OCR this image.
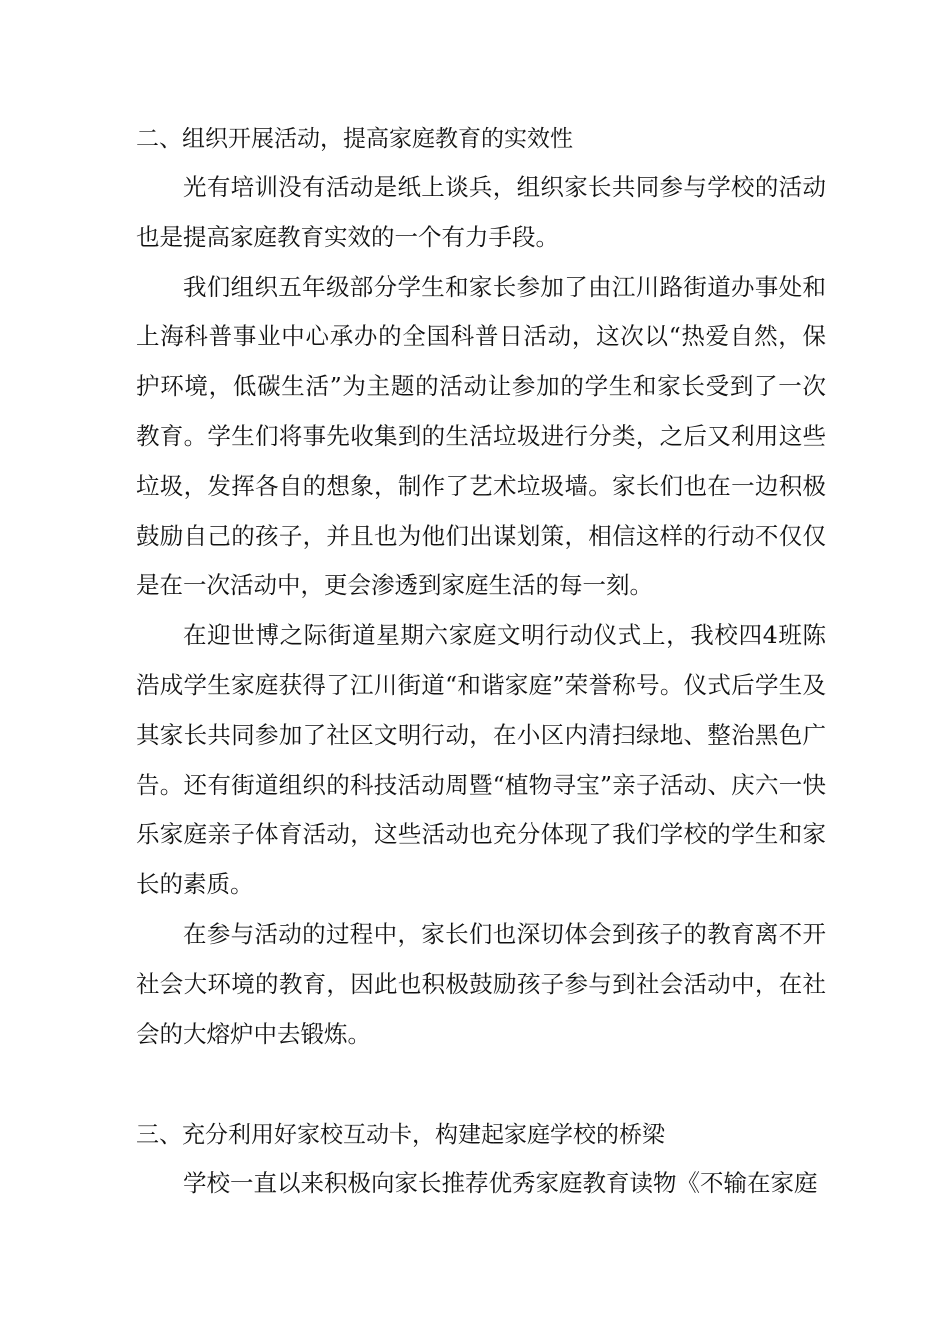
二、组织开展活动，提高家庭教育的实效性

光有培训没有活动是纸上谈兵，组织家长共同参与学校的活动也是提高家庭教育实效的一个有力手段。

我们组织五年级部分学生和家长参加了由江川路街道办事处和上海科普事业中心承办的全国科普日活动，这次以“热爱自然，保护环境，低碳生活”为主题的活动让参加的学生和家长受到了一次教育。学生们将事先收集到的生活垃圾进行分类，之后又利用这些垃圾，发挥各自的想象，制作了艺术垃圾墙。家长们也在一边积极鼓励自己的孩子，并且也为他们出谋划策，相信这样的行动不仅仅是在一次活动中，更会渗透到家庭生活的每一刻。

在迎世博之际街道星期六家庭文明行动仪式上，我校四4班陈浩成学生家庭获得了江川街道“和谐家庭”荣誉称号。仪式后学生及其家长共同参加了社区文明行动，在小区内清扫绿地、整治黑色广告。还有街道组织的科技活动周暨“植物寻宝”亲子活动、庆六一快乐家庭亲子体育活动，这些活动也充分体现了我们学校的学生和家长的素质。

在参与活动的过程中，家长们也深切体会到孩子的教育离不开社会大环境的教育，因此也积极鼓励孩子参与到社会活动中，在社会的大熔炉中去锻炼。

三、充分利用好家校互动卡，构建起家庭学校的桥梁

学校一直以来积极向家长推荐优秀家庭教育读物《不输在家庭
